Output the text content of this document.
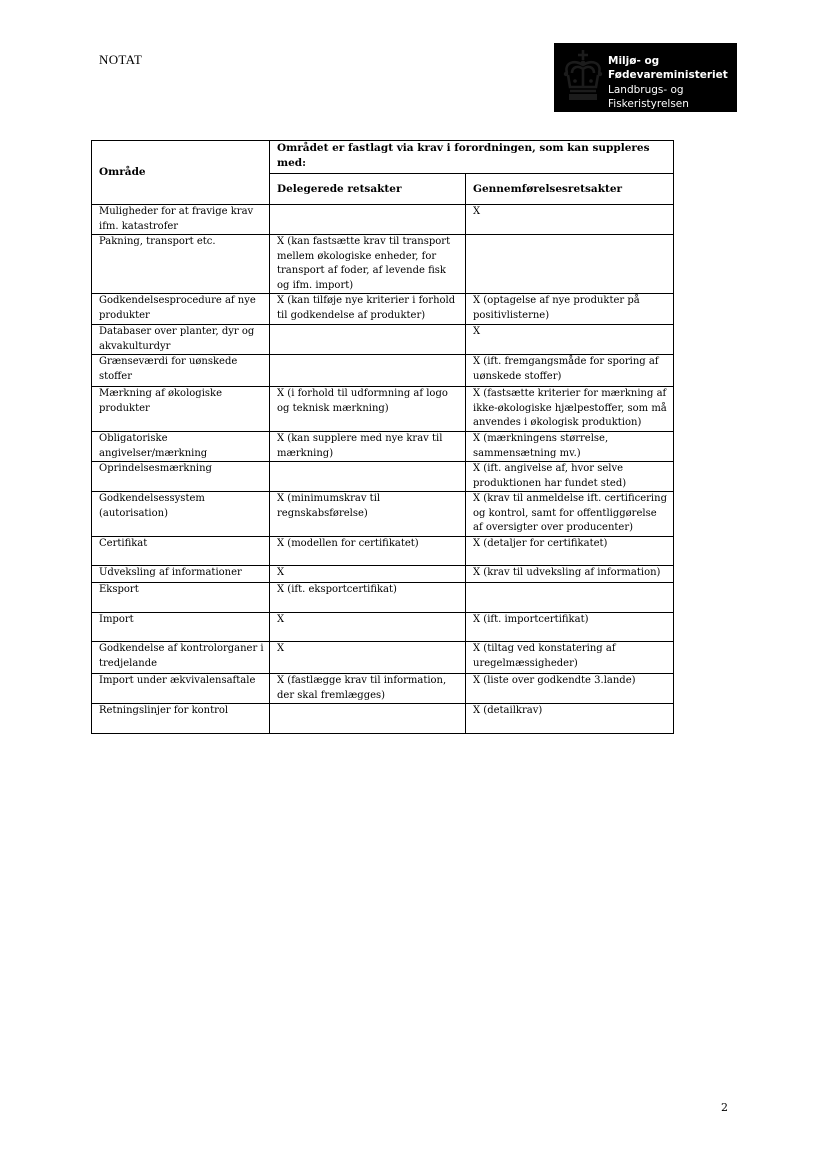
NOTAT	Miljø- og Fødevareministeriet
Landbrugs- og Fiskeristyrelsen
Område	Området er fastlagt via krav i forordningen, som kan suppleres med:	
	Delegerede retsakter	Gennemførelsesretsakter
Muligheder for at fravige krav ifm. katastrofer		X
Pakning, transport etc.	X (kan fastsætte krav til transport mellem økologiske enheder, for transport af foder, af levende fisk og ifm. import)	
Godkendelsesprocedure af nye produkter	X (kan tilføje nye kriterier i forhold til godkendelse af produkter)	X (optagelse af nye produkter på positivlisterne)
Databaser over planter, dyr og akvakulturdyr		X
Grænseværdi for uønskede stoffer		X (ift. fremgangsmåde for sporing af uønskede stoffer)
Mærkning af økologiske produkter	X (i forhold til udformning af logo og teknisk mærkning)	X (fastsætte kriterier for mærkning af ikke-økologiske hjælpestoffer, som må anvendes i økologisk produktion)
Obligatoriske angivelser/mærkning	X (kan supplere med nye krav til mærkning)	X (mærkningens størrelse, sammensætning mv.)
Oprindelsesmærkning		X (ift. angivelse af, hvor selve produktionen har fundet sted)
Godkendelsessystem (autorisation)	X (minimumskrav til regnskabsførelse)	X (krav til anmeldelse ift. certificering og kontrol, samt for offentliggørelse af oversigter over producenter)
Certifikat	X (modellen for certifikatet)	X (detaljer for certifikatet)
Udveksling af informationer	X	X (krav til udveksling af information)
Eksport	X (ift. eksportcertifikat)	
Import	X	X (ift. importcertifikat)
Godkendelse af kontrolorganer i tredjelande	X	X (tiltag ved konstatering af uregelmæssigheder)
Import under ækvivalensaftale	X (fastlægge krav til information, der skal fremlægges)	X (liste over godkendte 3.lande)
Retningslinjer for kontrol		X (detailkrav)
2
